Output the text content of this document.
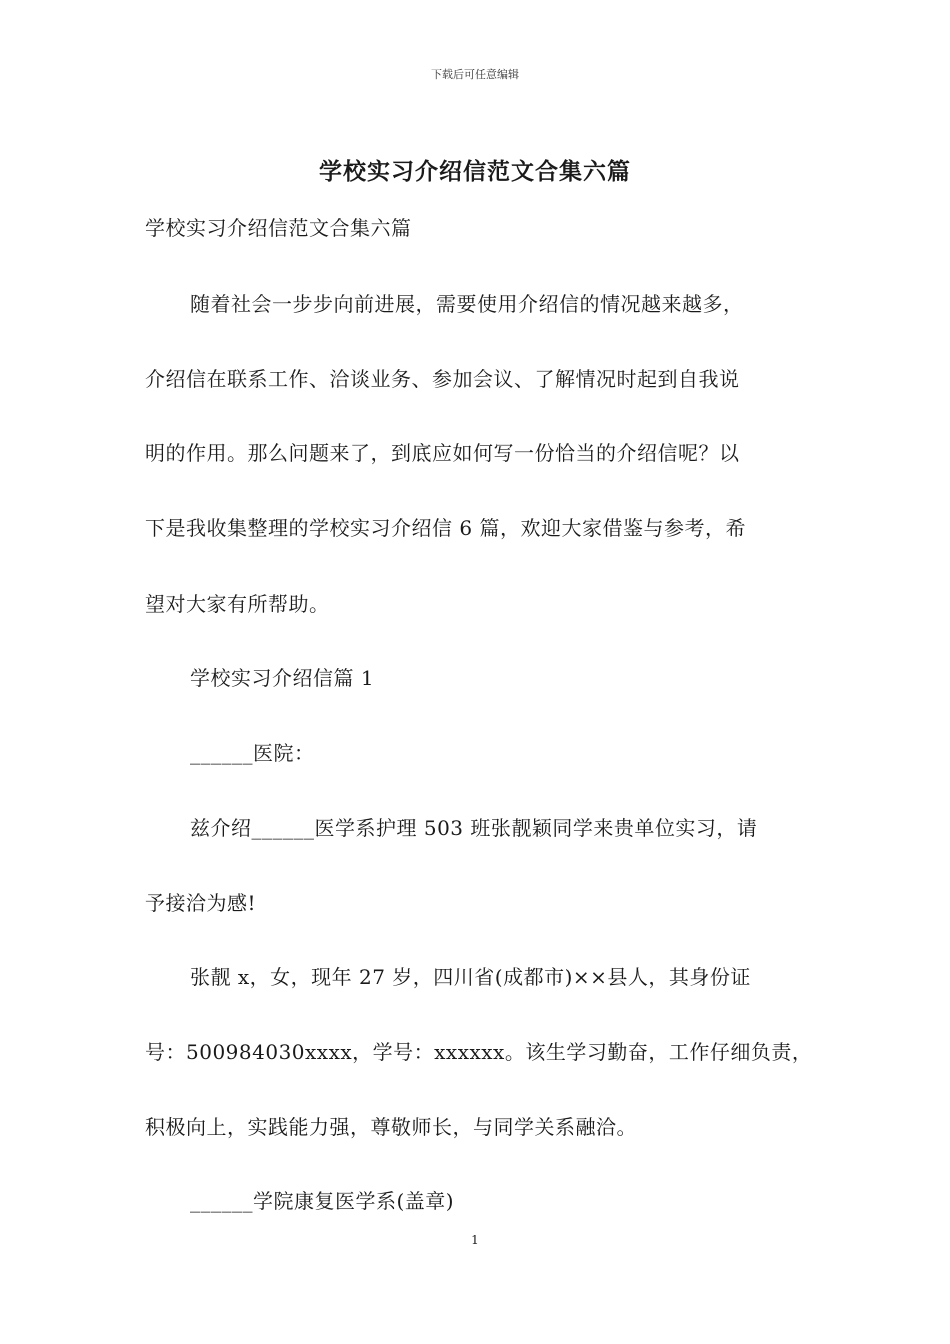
下载后可任意编辑
学校实习介绍信范文合集六篇
学校实习介绍信范文合集六篇
随着社会一步步向前进展，需要使用介绍信的情况越来越多，
介绍信在联系工作、洽谈业务、参加会议、了解情况时起到自我说
明的作用。那么问题来了，到底应如何写一份恰当的介绍信呢？以
下是我收集整理的学校实习介绍信 6 篇，欢迎大家借鉴与参考，希
望对大家有所帮助。
学校实习介绍信篇 1
______医院：
兹介绍______医学系护理 503 班张靓颖同学来贵单位实习，请
予接洽为感!
张靓 x，女，现年 27 岁，四川省(成都市)××县人，其身份证
号：500984030xxxx，学号：xxxxxx。该生学习勤奋，工作仔细负责，
积极向上，实践能力强，尊敬师长，与同学关系融洽。
______学院康复医学系(盖章)
1
